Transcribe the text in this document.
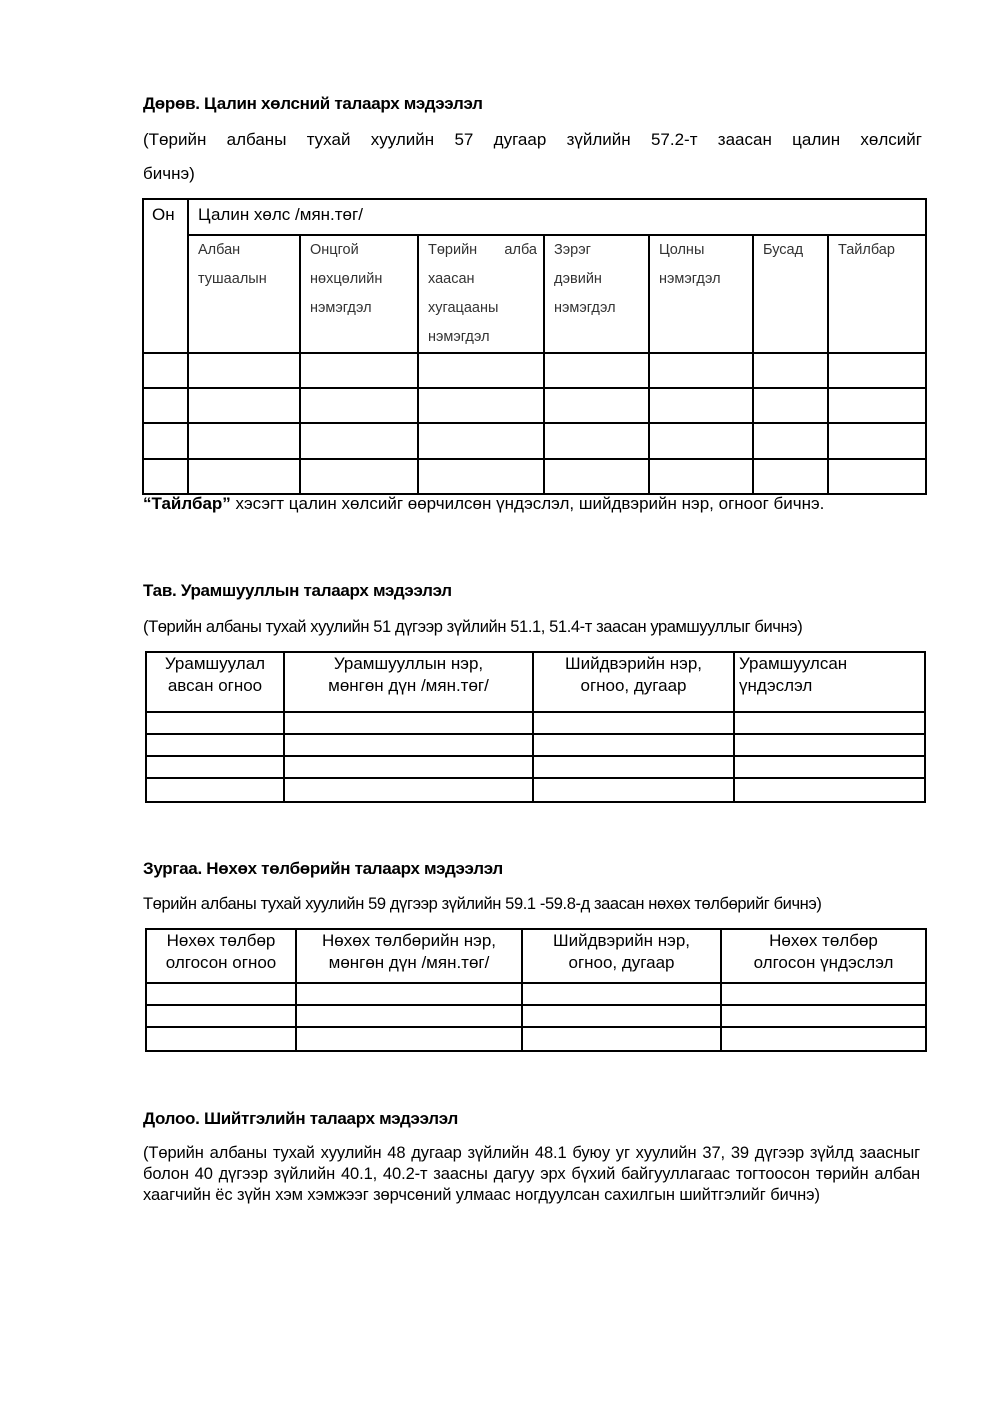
Дөрөв. Цалин хөлсний талаарх мэдээлэл
(Төрийн албаны тухай хуулийн 57 дугаар зүйлийн 57.2-т заасан цалин хөлсийг
бичнэ)
Он	Цалин хөлс /мян.төг/						
	Албан тушаалын	Онцгой нөхцөлийн нэмэгдэл	Төрийн алба хаасан хугацааны нэмэгдэл	Зэрэг дэвийн нэмэгдэл	Цолны нэмэгдэл	Бусад	Тайлбар

“Тайлбар” хэсэгт цалин хөлсийг өөрчилсөн үндэслэл, шийдвэрийн нэр, огноог бичнэ.
Тав. Урамшууллын талаарх мэдээлэл
(Төрийн албаны тухай хуулийн 51 дүгээр зүйлийн 51.1, 51.4-т заасан урамшууллыг бичнэ)
Урамшуулал авсан огноо	Урамшууллын нэр, мөнгөн дүн /мян.төг/	Шийдвэрийн нэр, огноо, дугаар	Урамшуулсан үндэслэл

Зургаа. Нөхөх төлбөрийн талаарх мэдээлэл
Төрийн албаны тухай хуулийн 59 дүгээр зүйлийн 59.1 -59.8-д заасан нөхөх төлбөрийг бичнэ)
Нөхөх төлбөр олгосон огноо	Нөхөх төлбөрийн нэр, мөнгөн дүн /мян.төг/	Шийдвэрийн нэр, огноо, дугаар	Нөхөх төлбөр олгосон үндэслэл

Долоо. Шийтгэлийн талаарх мэдээлэл
(Төрийн албаны тухай хуулийн 48 дугаар зүйлийн 48.1 буюу уг хуулийн 37, 39 дүгээр зүйлд заасныг болон 40 дүгээр зүйлийн 40.1, 40.2-т заасны дагуу эрх бүхий байгууллагаас тогтоосон төрийн албан хаагчийн ёс зүйн хэм хэмжээг зөрчсөний улмаас ногдуулсан сахилгын шийтгэлийг бичнэ)
